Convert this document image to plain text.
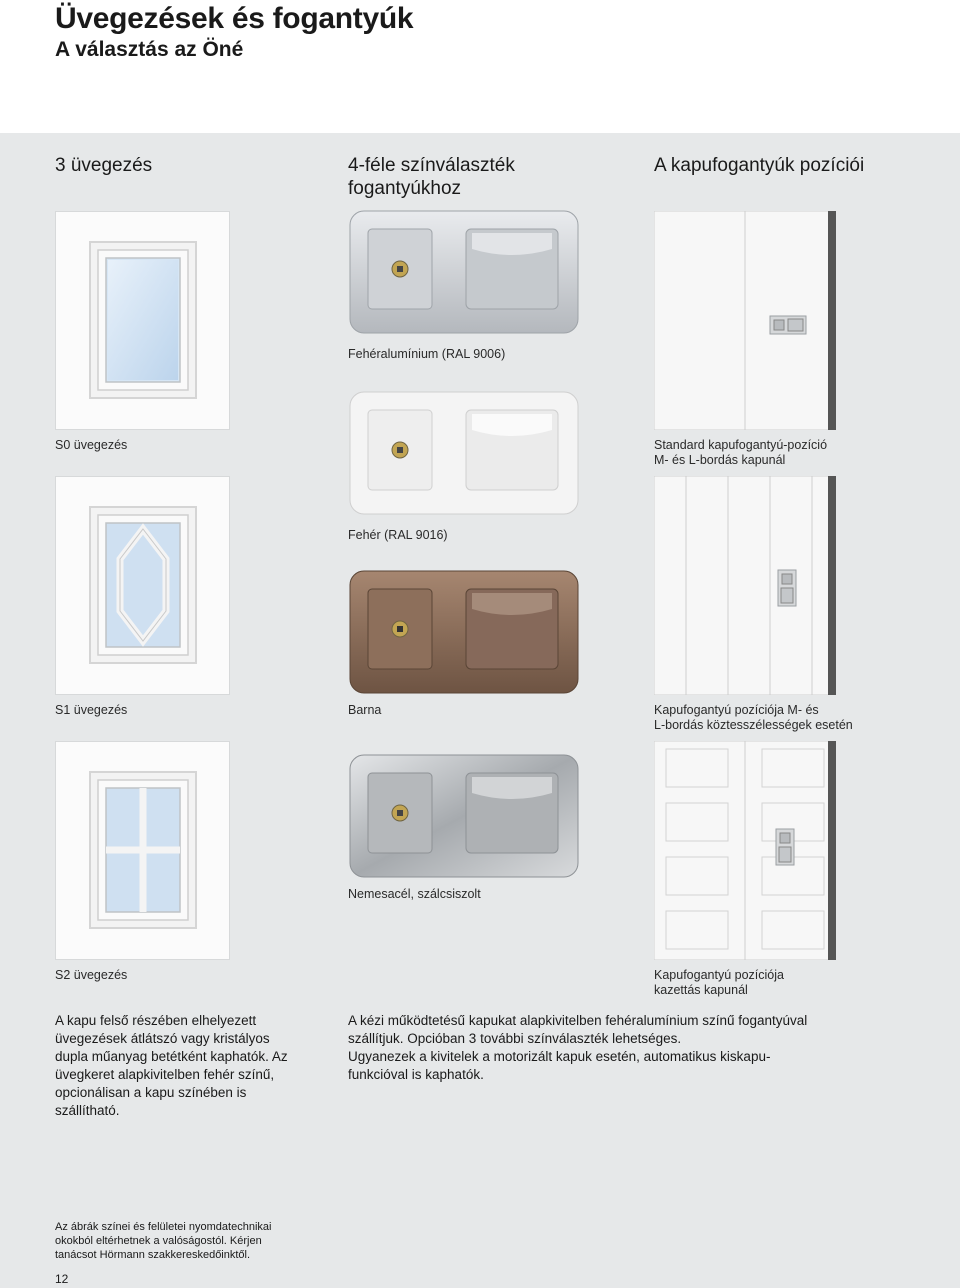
Üvegezések és fogantyúk
A választás az Öné
3 üvegezés	4-féle színválaszték fogantyúkhoz
A kapufogantyúk pozíciói
S0 üvegezés
S1 üvegezés
S2 üvegezés
A kapu felső részében elhelyezett üvegezések átlátszó vagy kristályos dupla műanyag betétként kaphatók. Az üvegkeret alapkivitelben fehér színű, opcionálisan a kapu színében is szállítható.
Fehéralumínium (RAL 9006)
Fehér (RAL 9016)
Barna
Nemesacél, szálcsiszolt
A kézi működtetésű kapukat alapkivitelben fehéralumínium színű fogantyúval szállítjuk. Opcióban 3 további színválaszték lehetséges.
Ugyanezek a kivitelek a motorizált kapuk esetén, automatikus kiskapu-funkcióval is kaphatók.
Standard kapufogantyú-pozíció
M- és L-bordás kapunál
Kapufogantyú pozíciója M- és
L-bordás köztesszélességek esetén
Kapufogantyú pozíciója
kazettás kapunál
Az ábrák színei és felületei nyomdatechnikai
okokból eltérhetnek a valóságostól. Kérjen
tanácsot Hörmann szakkereskedőinktől.
12
